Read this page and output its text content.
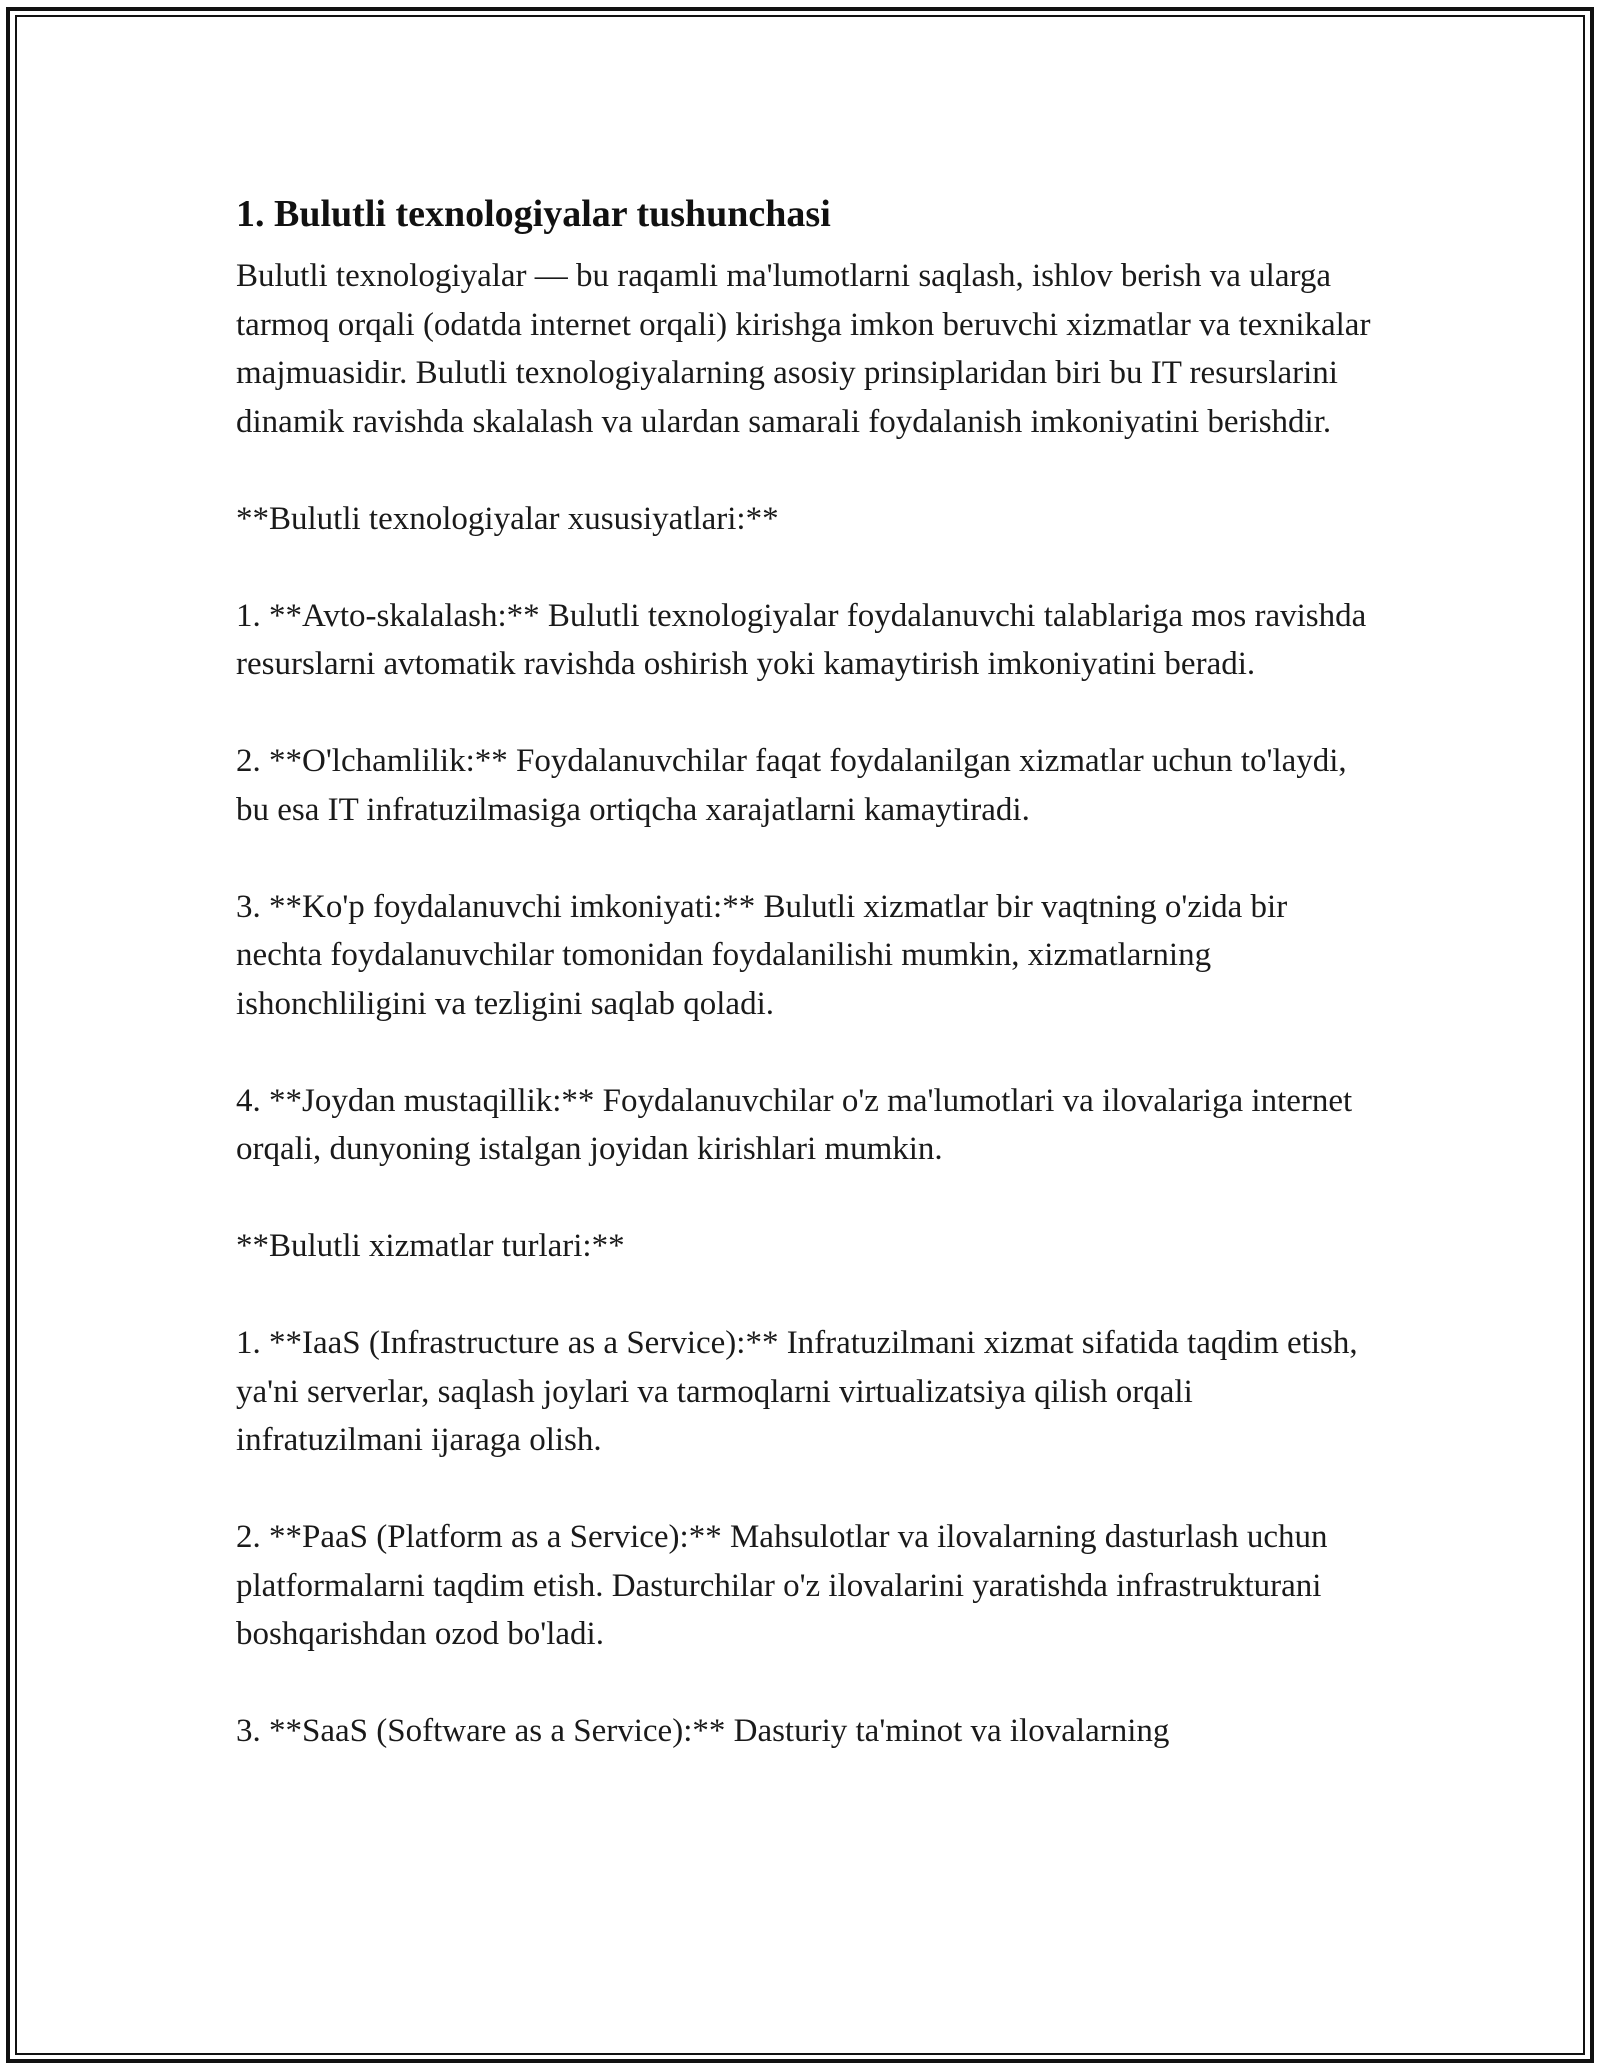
1. Bulutli texnologiyalar tushunchasi

Bulutli texnologiyalar — bu raqamli ma'lumotlarni saqlash, ishlov berish va ularga tarmoq orqali (odatda internet orqali) kirishga imkon beruvchi xizmatlar va texnikalar majmuasidir. Bulutli texnologiyalarning asosiy prinsiplaridan biri bu IT resurslarini dinamik ravishda skalalash va ulardan samarali foydalanish imkoniyatini berishdir.

**Bulutli texnologiyalar xususiyatlari:**

1. **Avto-skalalash:** Bulutli texnologiyalar foydalanuvchi talablariga mos ravishda resurslarni avtomatik ravishda oshirish yoki kamaytirish imkoniyatini beradi.

2. **O'lchamlilik:** Foydalanuvchilar faqat foydalanilgan xizmatlar uchun to'laydi, bu esa IT infratuzilmasiga ortiqcha xarajatlarni kamaytiradi.

3. **Ko'p foydalanuvchi imkoniyati:** Bulutli xizmatlar bir vaqtning o'zida bir nechta foydalanuvchilar tomonidan foydalanilishi mumkin, xizmatlarning ishonchliligini va tezligini saqlab qoladi.

4. **Joydan mustaqillik:** Foydalanuvchilar o'z ma'lumotlari va ilovalariga internet orqali, dunyoning istalgan joyidan kirishlari mumkin.

**Bulutli xizmatlar turlari:**

1. **IaaS (Infrastructure as a Service):** Infratuzilmani xizmat sifatida taqdim etish, ya'ni serverlar, saqlash joylari va tarmoqlarni virtualizatsiya qilish orqali infratuzilmani ijaraga olish.

2. **PaaS (Platform as a Service):** Mahsulotlar va ilovalarning dasturlash uchun platformalarni taqdim etish. Dasturchilar o'z ilovalarini yaratishda infrastrukturani boshqarishdan ozod bo'ladi.

3. **SaaS (Software as a Service):** Dasturiy ta'minot va ilovalarning
